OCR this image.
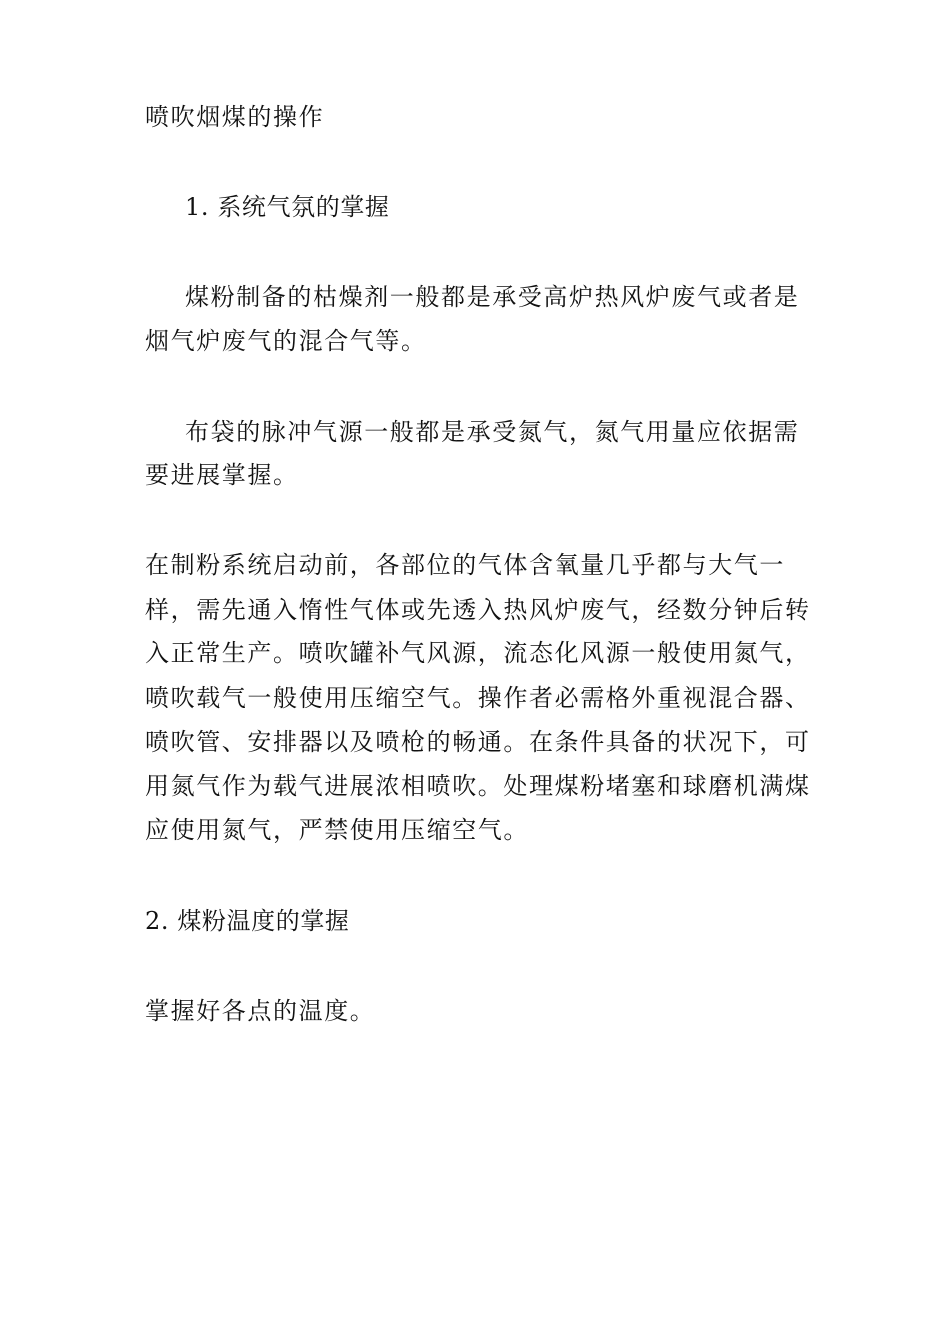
喷吹烟煤的操作
1. 系统气氛的掌握
煤粉制备的枯燥剂一般都是承受高炉热风炉废气或者是
烟气炉废气的混合气等。
布袋的脉冲气源一般都是承受氮气，氮气用量应依据需
要进展掌握。
在制粉系统启动前，各部位的气体含氧量几乎都与大气一
样，需先通入惰性气体或先透入热风炉废气，经数分钟后转
入正常生产。喷吹罐补气风源，流态化风源一般使用氮气，
喷吹载气一般使用压缩空气。操作者必需格外重视混合器、
喷吹管、安排器以及喷枪的畅通。在条件具备的状况下，可
用氮气作为载气进展浓相喷吹。处理煤粉堵塞和球磨机满煤
应使用氮气，严禁使用压缩空气。
2. 煤粉温度的掌握
掌握好各点的温度。
